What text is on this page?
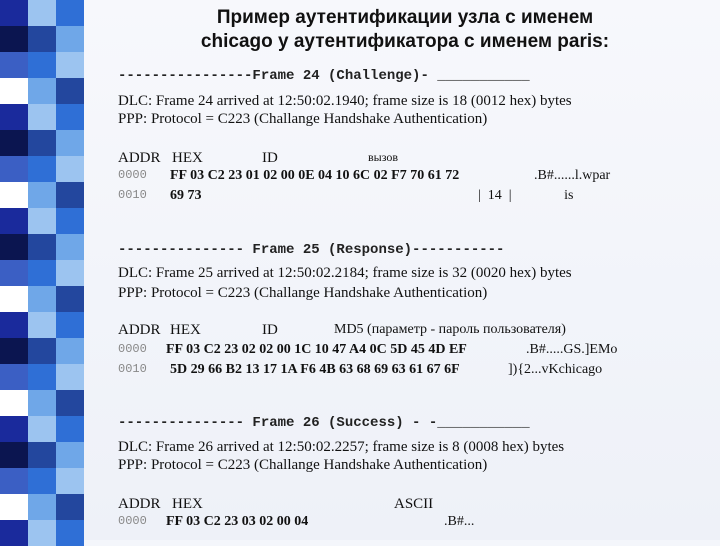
Пример аутентификации узла с именем
chicago у аутентификатора с именем paris:
----------------Frame 24 (Challenge)- ___________
DLC: Frame 24 arrived at 12:50:02.1940; frame size is 18 (0012 hex) bytes
PPP: Protocol = C223 (Challange Handshake Authentication)
ADDR HEX	ID	вызов
0000 FF 03 C2 23 01 02 00 0E 04 10 6C 02 F7 70 61 72	.B#......l.wpar
0010 69 73	|  14  |               is
--------------- Frame 25 (Response)-----------
DLC: Frame 25 arrived at 12:50:02.2184; frame size is 32 (0020 hex) bytes
PPP: Protocol = C223 (Challange Handshake Authentication)
ADDR HEX	ID	MD5 (параметр - пароль пользователя)
0000 FF 03 C2 23 02 02 00 1C 10 47 A4 0C 5D 45 4D EF	.B#.....GS.]EMo
0010 5D 29 66 B2 13 17 1A F6 4B 63 68 69 63 61 67 6F	]){2...vKchicago
--------------- Frame 26 (Success) - -___________
DLC: Frame 26 arrived at 12:50:02.2257; frame size is 8 (0008 hex) bytes
PPP: Protocol = C223 (Challange Handshake Authentication)
ADDR HEX	ASCII
0000 FF 03 C2 23 03 02 00 04	.B#...
